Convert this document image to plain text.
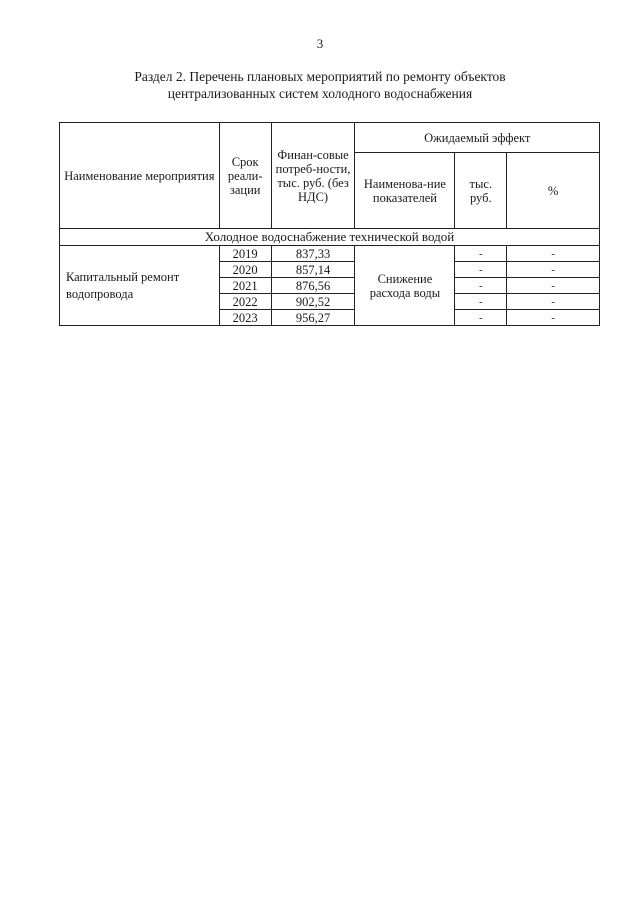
3
Раздел 2. Перечень плановых мероприятий по ремонту объектов
централизованных систем холодного водоснабжения
Наименование мероприятия	Срок реали-зации	Финан-совые потреб-ности, тыс. руб. (без НДС)	Ожидаемый эффект		
			Наименова-ние показателей	тыс. руб.	%
Холодное водоснабжение технической водой					
Капитальный ремонт водопровода	2019	837,33	Снижение расхода воды	-	-
	2020	857,14		-	-
	2021	876,56		-	-
	2022	902,52		-	-
	2023	956,27		-	-
